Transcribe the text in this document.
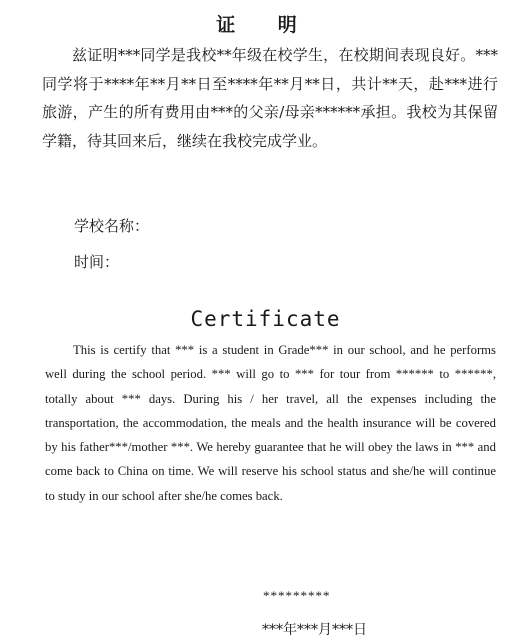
证 明
兹证明***同学是我校**年级在校学生，在校期间表现良好。***同学将于****年**月**日至****年**月**日，共计**天，赴***进行旅游，产生的所有费用由***的父亲/母亲******承担。我校为其保留学籍，待其回来后，继续在我校完成学业。
学校名称：
时间：
Certificate
This is certify that *** is a student in Grade*** in our school, and he performs well during the school period. *** will go to *** for tour from ****** to ******, totally about *** days. During his / her travel, all the expenses including the transportation, the accommodation, the meals and the health insurance will be covered by his father***/mother ***. We hereby guarantee that he will obey the laws in *** and come back to China on time. We will reserve his school status and she/he will continue to study in our school after she/he comes back.
*********
***年***月***日
